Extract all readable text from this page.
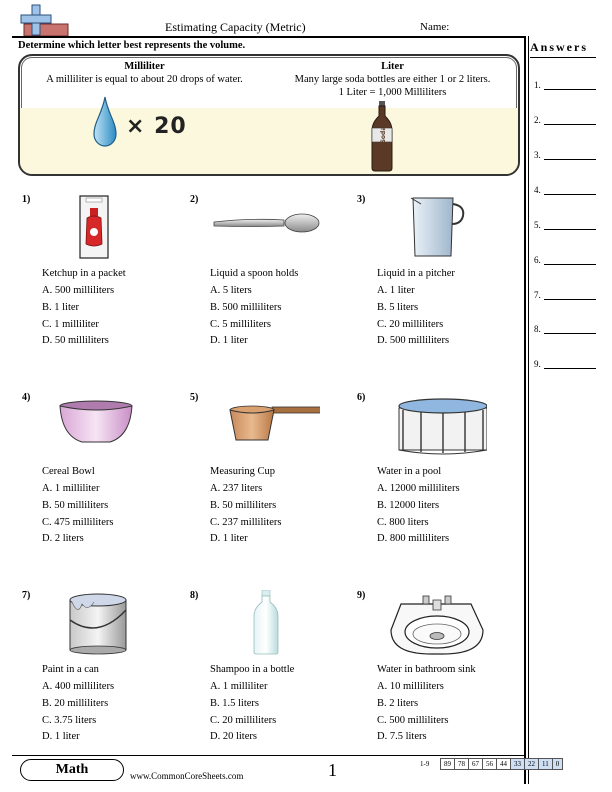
Estimating Capacity (Metric)	Name:
Determine which letter best represents the volume.
Milliliter
A milliliter is equal to about 20 drops of water.
Liter
Many large soda bottles are either 1 or 2 liters.
1 Liter = 1,000 Milliliters
× 20	Soda
Answers
1.
2.
3.
4.
5.
6.
7.
8.
9.
1)
Ketchup in a packet
A. 500 milliliters
B. 1 liter
C. 1 milliliter
D. 50 milliliters
2)
Liquid a spoon holds
A. 5 liters
B. 500 milliliters
C. 5 milliliters
D. 1 liter
3)
Liquid in a pitcher
A. 1 liter
B. 5 liters
C. 20 milliliters
D. 500 milliliters
4)
Cereal Bowl
A. 1 milliliter
B. 50 milliliters
C. 475 milliliters
D. 2 liters
5)
Measuring Cup
A. 237 liters
B. 50 milliliters
C. 237 milliliters
D. 1 liter
6)
Water in a pool
A. 12000 milliliters
B. 12000 liters
C. 800 liters
D. 800 milliliters
7)
Paint in a can
A. 400 milliliters
B. 20 milliliters
C. 3.75 liters
D. 1 liter
8)
Shampoo in a bottle
A. 1 milliliter
B. 1.5 liters
C. 20 milliliters
D. 20 liters
9)
Water in bathroom sink
A. 10 milliliters
B. 2 liters
C. 500 milliliters
D. 7.5 liters
Math	www.CommonCoreSheets.com	1	1-9 89	78	67	56	44	33	22	11	0
